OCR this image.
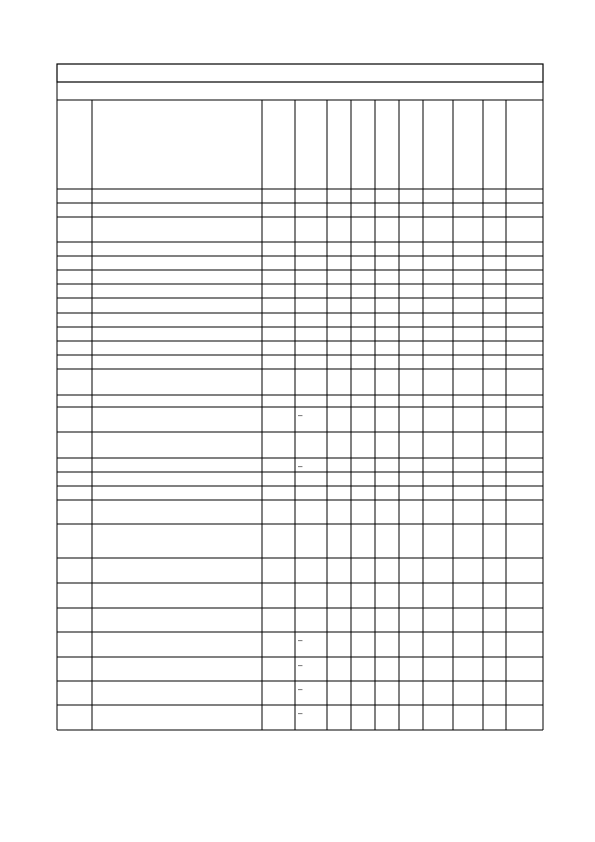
–
–
–
–
–
–
